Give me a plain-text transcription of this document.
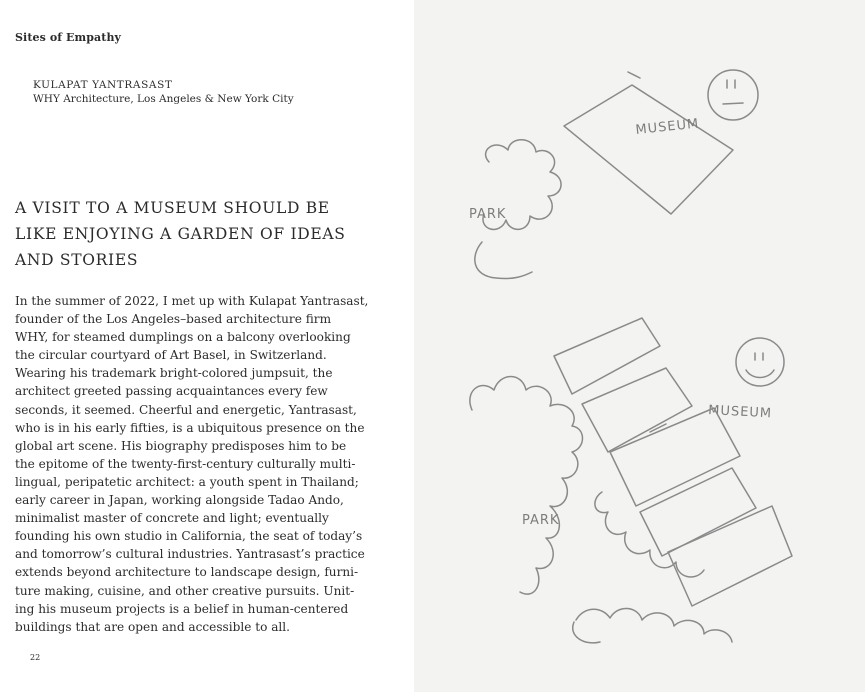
Sites of Empathy
KULAPAT YANTRASAST
WHY Architecture, Los Angeles & New York City
A VISIT TO A MUSEUM SHOULD BE
LIKE ENJOYING A GARDEN OF IDEAS
AND STORIES
In the summer of 2022, I met up with Kulapat Yantrasast,
founder of the Los Angeles–based architecture firm
WHY, for steamed dumplings on a balcony overlooking
the circular courtyard of Art Basel, in Switzerland.
Wearing his trademark bright-colored jumpsuit, the
architect greeted passing acquaintances every few
seconds, it seemed. Cheerful and energetic, Yantrasast,
who is in his early fifties, is a ubiquitous presence on the
global art scene. His biography predisposes him to be
the epitome of the twenty-first-century culturally multi-
lingual, peripatetic architect: a youth spent in Thailand;
early career in Japan, working alongside Tadao Ando,
minimalist master of concrete and light; eventually
founding his own studio in California, the seat of today’s
and tomorrow’s cultural industries. Yantrasast’s practice
extends beyond architecture to landscape design, furni-
ture making, cuisine, and other creative pursuits. Unit-
ing his museum projects is a belief in human-centered
buildings that are open and accessible to all.
22
MUSEUM
PARK
MUSEUM
PARK
